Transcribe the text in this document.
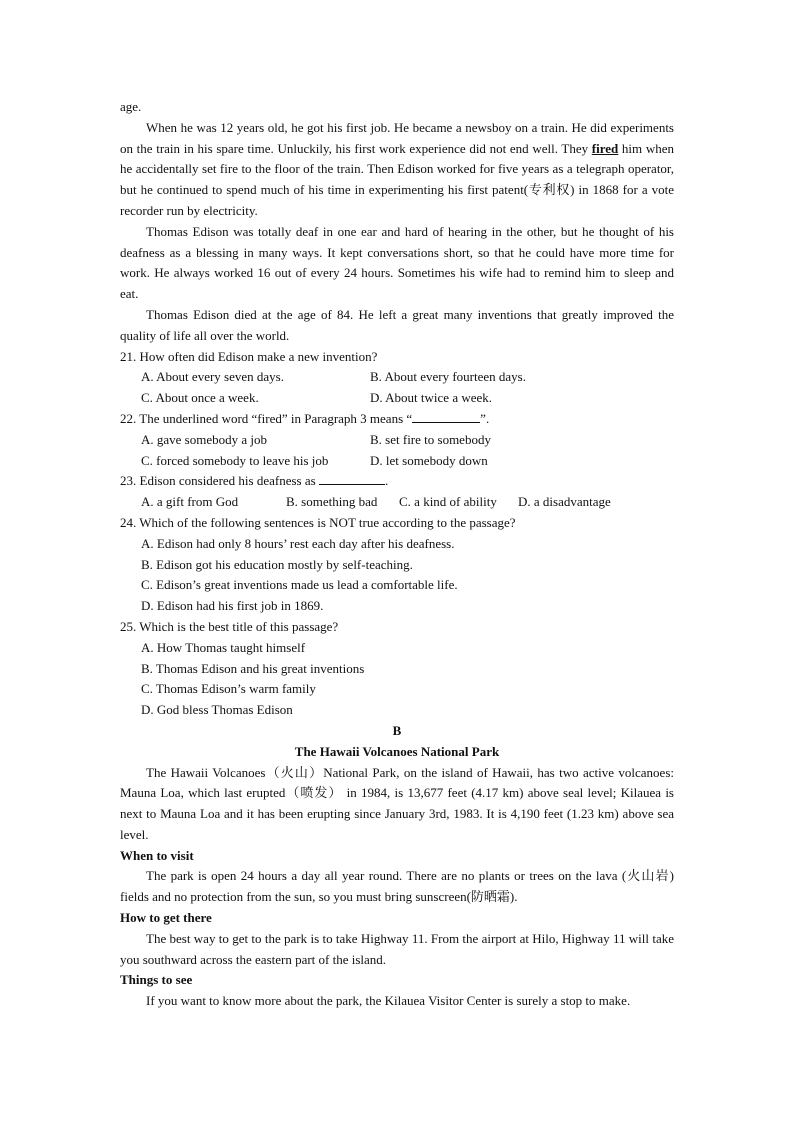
age.

When he was 12 years old, he got his first job. He became a newsboy on a train. He did experiments on the train in his spare time. Unluckily, his first work experience did not end well. They fired him when he accidentally set fire to the floor of the train. Then Edison worked for five years as a telegraph operator, but he continued to spend much of his time in experimenting his first patent(专利权) in 1868 for a vote recorder run by electricity.

Thomas Edison was totally deaf in one ear and hard of hearing in the other, but he thought of his deafness as a blessing in many ways. It kept conversations short, so that he could have more time for work. He always worked 16 out of every 24 hours. Sometimes his wife had to remind him to sleep and eat.

Thomas Edison died at the age of 84. He left a great many inventions that greatly improved the quality of life all over the world.

21. How often did Edison make a new invention?

A. About every seven days.	B. About every fourteen days.
C. About once a week.	D. About twice a week.

22. The underlined word “fired” in Paragraph 3 means “	”.

A. gave somebody a job	B. set fire to somebody
C. forced somebody to leave his job	D. let somebody down

23. Edison considered his deafness as	.

A. a gift from God	B. something bad	C. a kind of ability	D. a disadvantage

24. Which of the following sentences is NOT true according to the passage?

A. Edison had only 8 hours’ rest each day after his deafness.

B. Edison got his education mostly by self-teaching.

C. Edison’s great inventions made us lead a comfortable life.

D. Edison had his first job in 1869.

25. Which is the best title of this passage?

A. How Thomas taught himself

B. Thomas Edison and his great inventions

C. Thomas Edison’s warm family

D. God bless Thomas Edison

B

The Hawaii Volcanoes National Park

The Hawaii Volcanoes（火山）National Park, on the island of Hawaii, has two active volcanoes: Mauna Loa, which last erupted（喷发） in 1984, is 13,677 feet (4.17 km) above seal level; Kilauea is next to Mauna Loa and it has been erupting since January 3rd, 1983. It is 4,190 feet (1.23 km) above sea level.

When to visit

The park is open 24 hours a day all year round. There are no plants or trees on the lava (火山岩) fields and no protection from the sun, so you must bring sunscreen(防晒霜).

How to get there

The best way to get to the park is to take Highway 11. From the airport at Hilo, Highway 11 will take you southward across the eastern part of the island.

Things to see

If you want to know more about the park, the Kilauea Visitor Center is surely a stop to make.
